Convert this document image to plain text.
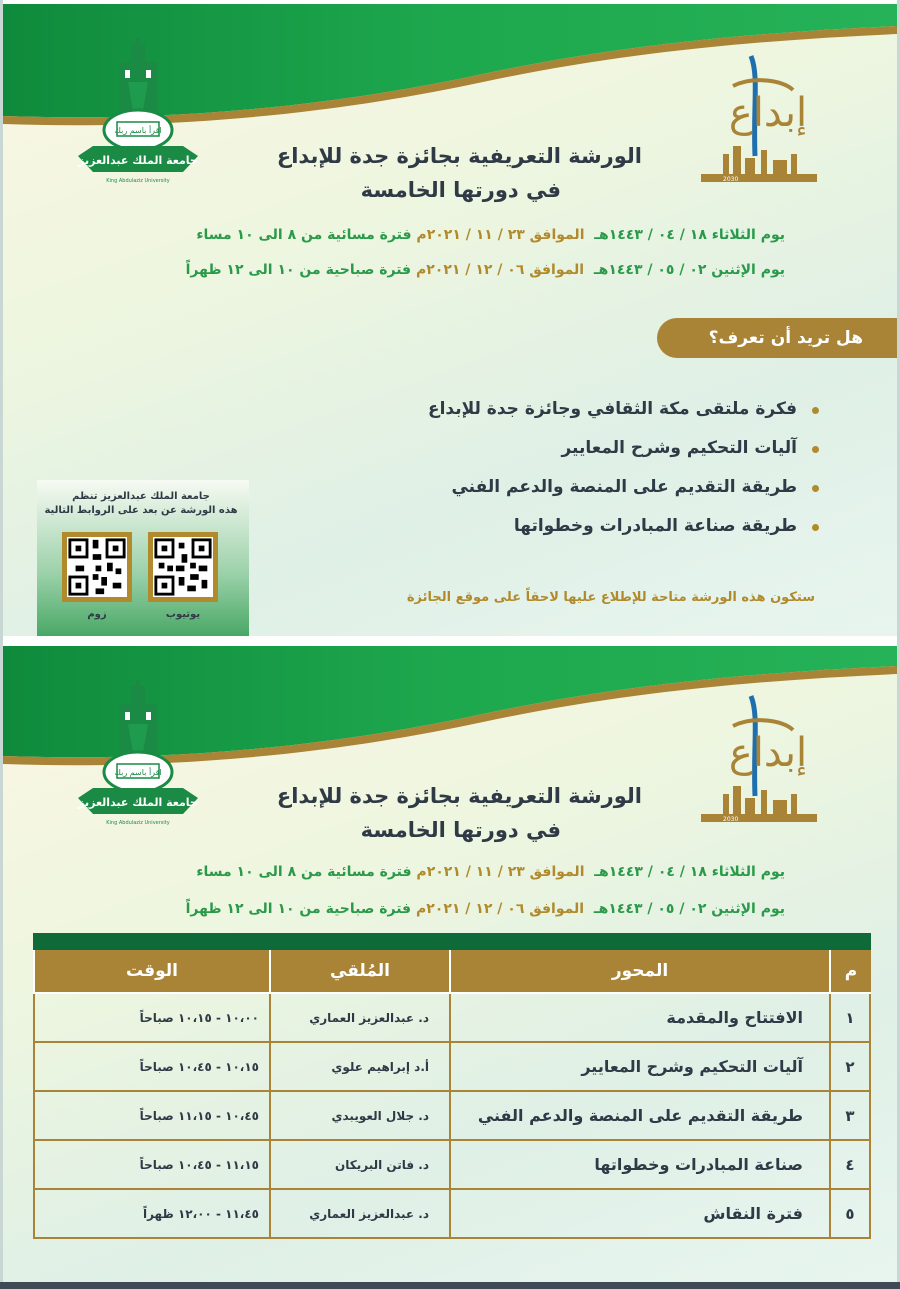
اقرأ باسم ربك
جامعة الملك عبدالعزيز
King Abdulaziz University
إبداع
2030
الورشة التعريفية بجائزة جدة للإبداع
في دورتها الخامسة
يوم الثلاثاء ١٨ / ٠٤ / ١٤٤٣هـ  الموافق ٢٣ / ١١ / ٢٠٢١م فترة مسائية من ٨ الى ١٠ مساء
يوم الإثنين ٠٢ / ٠٥ / ١٤٤٣هـ  الموافق ٠٦ / ١٢ / ٢٠٢١م فترة صباحية من ١٠ الى ١٢ ظهراً
هل تريد أن تعرف؟
فكرة ملتقى مكة الثقافي وجائزة جدة للإبداع
آليات التحكيم وشرح المعايير
طريقة التقديم على المنصة والدعم الفني
طريقة صناعة المبادرات وخطواتها
ستكون هذه الورشة متاحة للإطلاع عليها لاحقاً على موقع الجائزة
جامعة الملك عبدالعزيز تنظم
هذه الورشة عن بعد على الروابط التالية
يوتيوب
زوم
اقرأ باسم ربك
جامعة الملك عبدالعزيز
King Abdulaziz University
إبداع
2030
الورشة التعريفية بجائزة جدة للإبداع
في دورتها الخامسة
يوم الثلاثاء ١٨ / ٠٤ / ١٤٤٣هـ  الموافق ٢٣ / ١١ / ٢٠٢١م فترة مسائية من ٨ الى ١٠ مساء
يوم الإثنين ٠٢ / ٠٥ / ١٤٤٣هـ  الموافق ٠٦ / ١٢ / ٢٠٢١م فترة صباحية من ١٠ الى ١٢ ظهراً
م	المحور	المُلقي	الوقت
١	الافتتاح والمقدمة	د. عبدالعزيز العماري	١٠،٠٠ - ١٠،١٥ صباحاً
٢	آليات التحكيم وشرح المعايير	أ.د إبراهيم علوي	١٠،١٥ - ١٠،٤٥ صباحاً
٣	طريقة التقديم على المنصة والدعم الفني	د. جلال العويبدي	١٠،٤٥ - ١١،١٥ صباحاً
٤	صناعة المبادرات وخطواتها	د. فاتن البريكان	١١،١٥ - ١٠،٤٥ صباحاً
٥	فترة النقاش	د. عبدالعزيز العماري	١١،٤٥ - ١٢،٠٠ ظهراً
